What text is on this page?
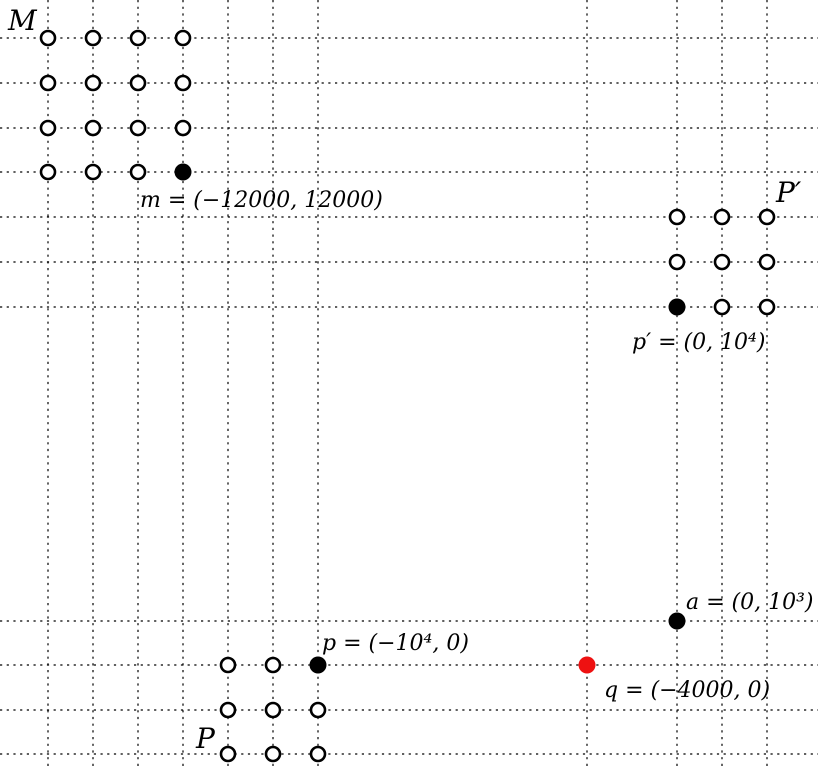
M
m = (−12000, 12000)	P′
p′ = (0, 10⁴)
p = (−10⁴, 0)
P
a = (0, 10³)
q = (−4000, 0)
